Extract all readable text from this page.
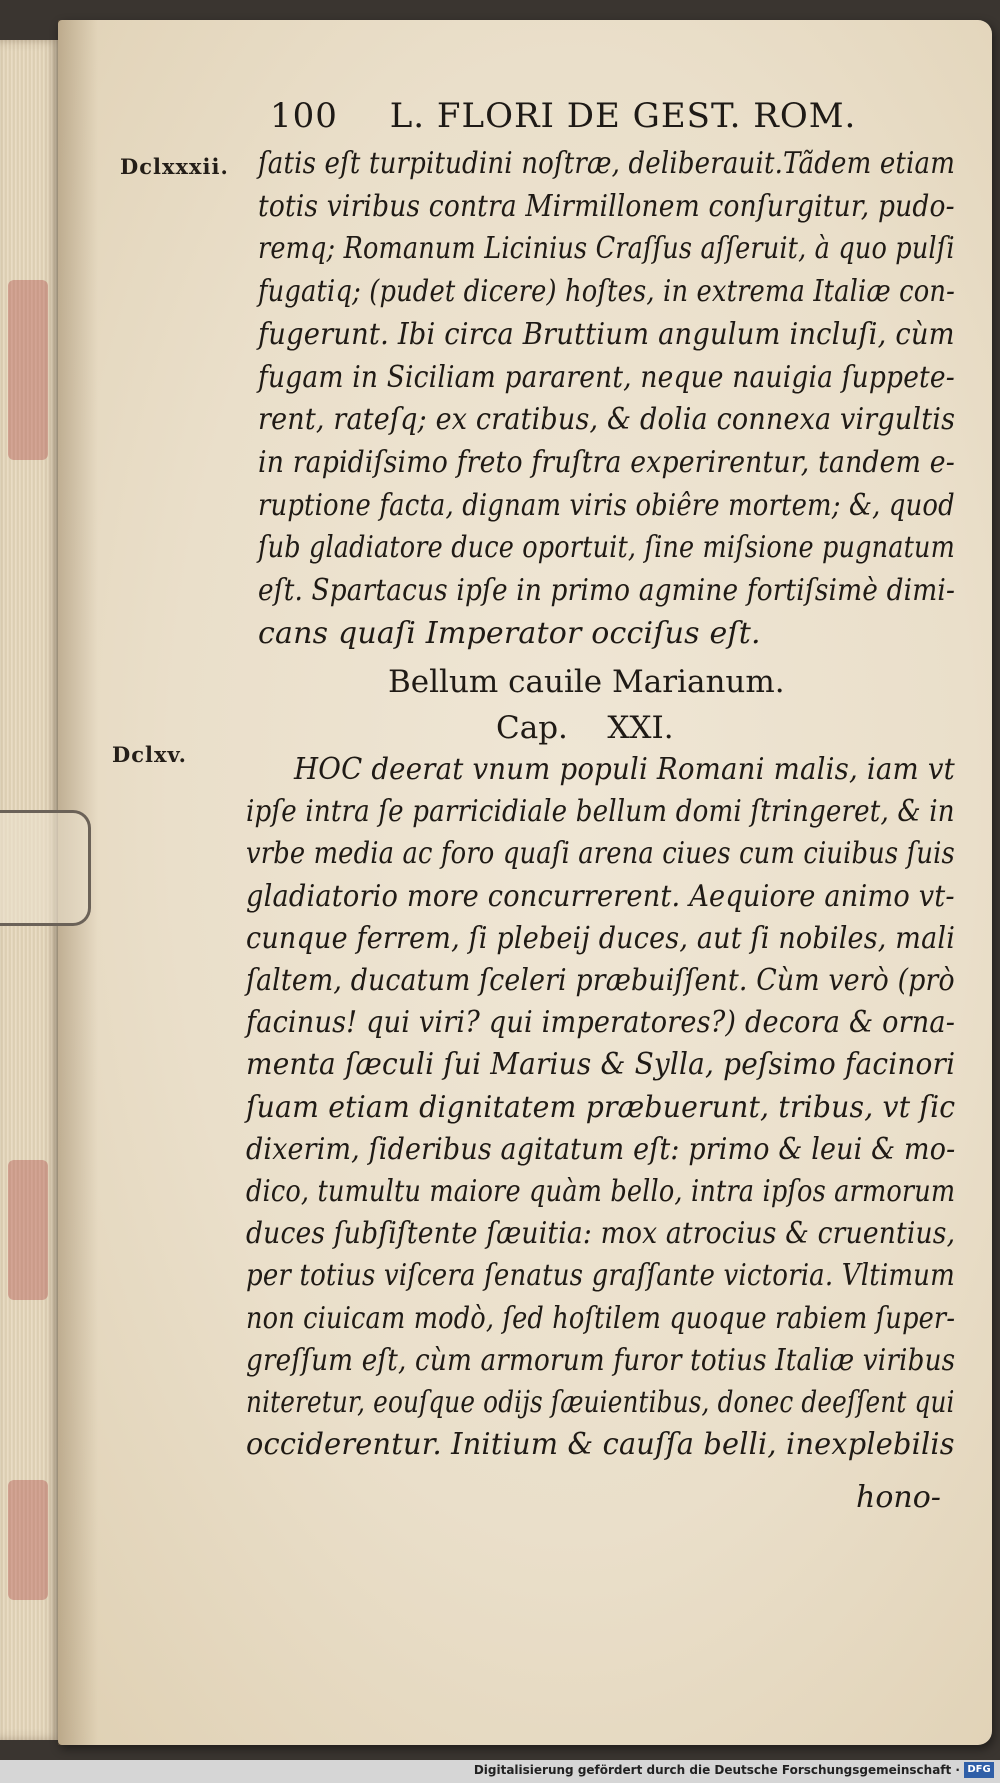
100 L. FLORI DE GEST. ROM.
Dclxxxii.
Dclxv.
ſatis eſt turpitudini noſtræ, deliberauit.Tãdem etiam
totis viribus contra Mirmillonem conſurgitur, pudo-
remq; Romanum Licinius Craſſus aſſeruit, à quo pulſi
fugatiq; (pudet dicere) hoſtes, in extrema Italiæ con-
fugerunt. Ibi circa Bruttium angulum incluſi, cùm
fugam in Siciliam pararent, neque nauigia ſuppete-
rent, rateſq; ex cratibus, & dolia connexa virgultis
in rapidiſsimo freto fruſtra experirentur, tandem e-
ruptione facta, dignam viris obiêre mortem; &, quod
ſub gladiatore duce oportuit, ſine miſsione pugnatum
eſt. Spartacus ipſe in primo agmine fortiſsimè dimi-
cans quaſi Imperator occiſus eſt.
Bellum cauile Marianum.
Cap.    XXI.
HOC deerat vnum populi Romani malis, iam vt
ipſe intra ſe parricidiale bellum domi ſtringeret, & in
vrbe media ac foro quaſi arena ciues cum ciuibus ſuis
gladiatorio more concurrerent. Aequiore animo vt-
cunque ferrem, ſi plebeij duces, aut ſi nobiles, mali
ſaltem, ducatum ſceleri præbuiſſent. Cùm verò (prò
facinus! qui viri? qui imperatores?) decora & orna-
menta ſæculi ſui Marius & Sylla, peſsimo facinori
ſuam etiam dignitatem præbuerunt, tribus, vt ſic
dixerim, ſideribus agitatum eſt: primo & leui & mo-
dico, tumultu maiore quàm bello, intra ipſos armorum
duces ſubſiſtente ſæuitia: mox atrocius & cruentius,
per totius viſcera ſenatus graſſante victoria. Vltimum
non ciuicam modò, ſed hoſtilem quoque rabiem ſuper-
greſſum eſt, cùm armorum furor totius Italiæ viribus
niteretur, eouſque odijs ſæuientibus, donec deeſſent qui
occiderentur. Initium & cauſſa belli, inexplebilis
hono-
Digitalisierung gefördert durch die Deutsche Forschungsgemeinschaft · DFG
